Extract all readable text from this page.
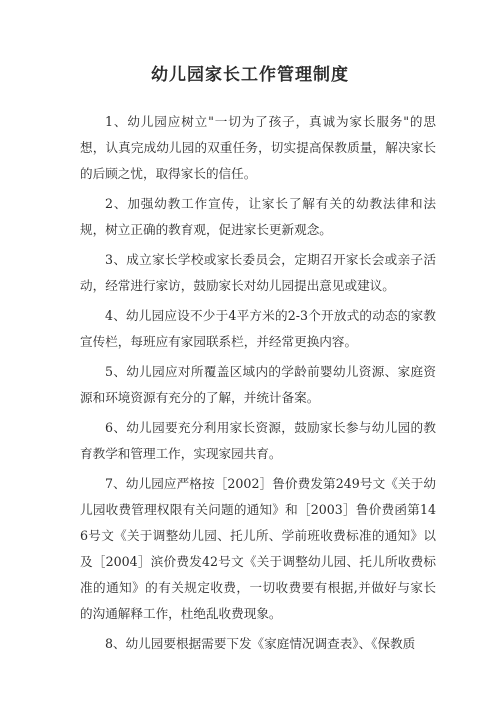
幼儿园家长工作管理制度

1、幼儿园应树立"一切为了孩子，真诚为家长服务"的思想，认真完成幼儿园的双重任务，切实提高保教质量，解决家长的后顾之忧，取得家长的信任。

2、加强幼教工作宣传，让家长了解有关的幼教法律和法规，树立正确的教育观，促进家长更新观念。

3、成立家长学校或家长委员会，定期召开家长会或亲子活动，经常进行家访，鼓励家长对幼儿园提出意见或建议。

4、幼儿园应设不少于4平方米的2-3个开放式的动态的家教宣传栏，每班应有家园联系栏，并经常更换内容。

5、幼儿园应对所覆盖区域内的学龄前婴幼儿资源、家庭资源和环境资源有充分的了解，并统计备案。

6、幼儿园要充分利用家长资源，鼓励家长参与幼儿园的教育教学和管理工作，实现家园共育。

7、幼儿园应严格按［2002］鲁价费发第249号文《关于幼儿园收费管理权限有关问题的通知》和［2003］鲁价费函第146号文《关于调整幼儿园、托儿所、学前班收费标准的通知》以及［2004］滨价费发42号文《关于调整幼儿园、托儿所收费标准的通知》的有关规定收费，一切收费要有根据,并做好与家长的沟通解释工作，杜绝乱收费现象。

8、幼儿园要根据需要下发《家庭情况调查表》、《保教质
